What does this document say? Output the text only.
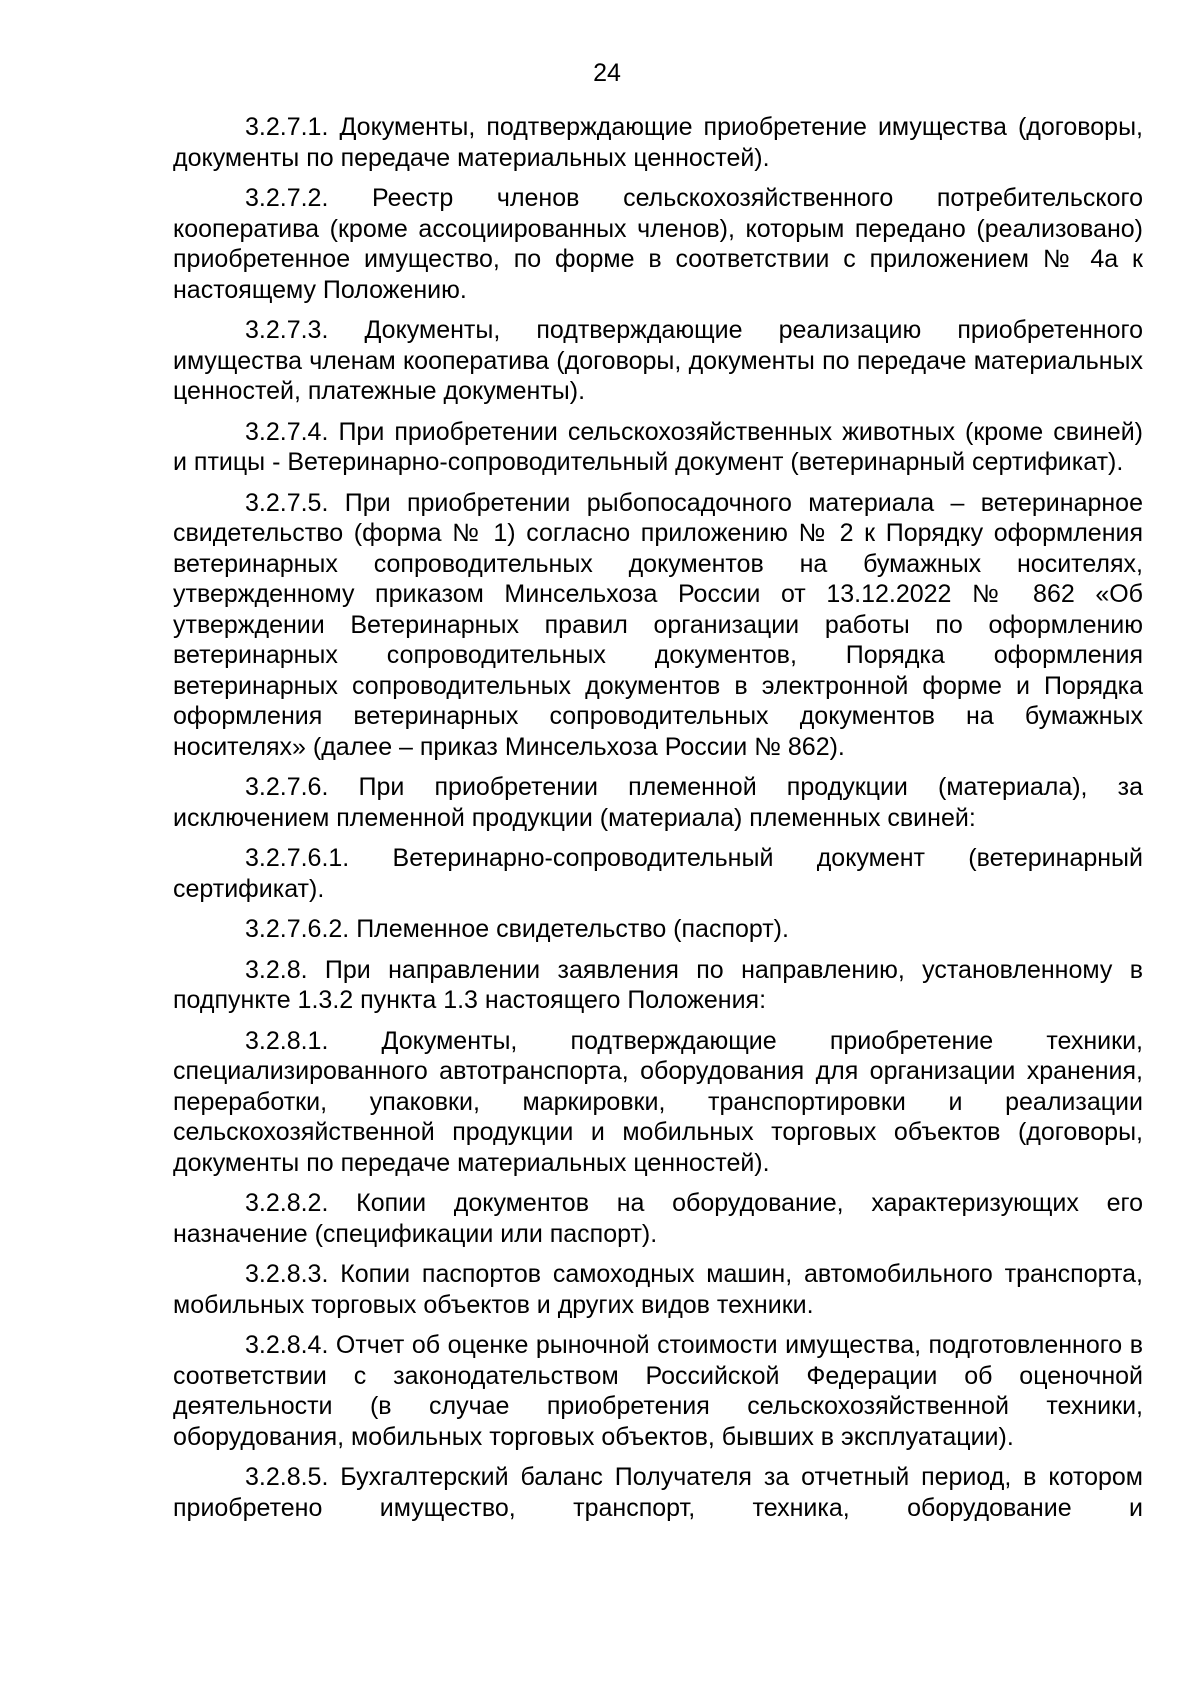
24

3.2.7.1. Документы, подтверждающие приобретение имущества (договоры, документы по передаче материальных ценностей).

3.2.7.2. Реестр членов сельскохозяйственного потребительского кооператива (кроме ассоциированных членов), которым передано (реализовано) приобретенное имущество, по форме в соответствии с приложением № 4а к настоящему Положению.

3.2.7.3. Документы, подтверждающие реализацию приобретенного имущества членам кооператива (договоры, документы по передаче материальных ценностей, платежные документы).

3.2.7.4. При приобретении сельскохозяйственных животных (кроме свиней) и птицы - Ветеринарно-сопроводительный документ (ветеринарный сертификат).

3.2.7.5. При приобретении рыбопосадочного материала – ветеринарное свидетельство (форма № 1) согласно приложению № 2 к Порядку оформления ветеринарных сопроводительных документов на бумажных носителях, утвержденному приказом Минсельхоза России от 13.12.2022 № 862 «Об утверждении Ветеринарных правил организации работы по оформлению ветеринарных сопроводительных документов, Порядка оформления ветеринарных сопроводительных документов в электронной форме и Порядка оформления ветеринарных сопроводительных документов на бумажных носителях» (далее – приказ Минсельхоза России № 862).

3.2.7.6. При приобретении племенной продукции (материала), за исключением племенной продукции (материала) племенных свиней:

3.2.7.6.1. Ветеринарно-сопроводительный документ (ветеринарный сертификат).

3.2.7.6.2. Племенное свидетельство (паспорт).

3.2.8. При направлении заявления по направлению, установленному в подпункте 1.3.2 пункта 1.3 настоящего Положения:

3.2.8.1. Документы, подтверждающие приобретение техники, специализированного автотранспорта, оборудования для организации хранения, переработки, упаковки, маркировки, транспортировки и реализации сельскохозяйственной продукции и мобильных торговых объектов (договоры, документы по передаче материальных ценностей).

3.2.8.2. Копии документов на оборудование, характеризующих его назначение (спецификации или паспорт).

3.2.8.3. Копии паспортов самоходных машин, автомобильного транспорта, мобильных торговых объектов и других видов техники.

3.2.8.4. Отчет об оценке рыночной стоимости имущества, подготовленного в соответствии с законодательством Российской Федерации об оценочной деятельности (в случае приобретения сельскохозяйственной техники, оборудования, мобильных торговых объектов, бывших в эксплуатации).

3.2.8.5. Бухгалтерский баланс Получателя за отчетный период, в котором приобретено имущество, транспорт, техника, оборудование и
